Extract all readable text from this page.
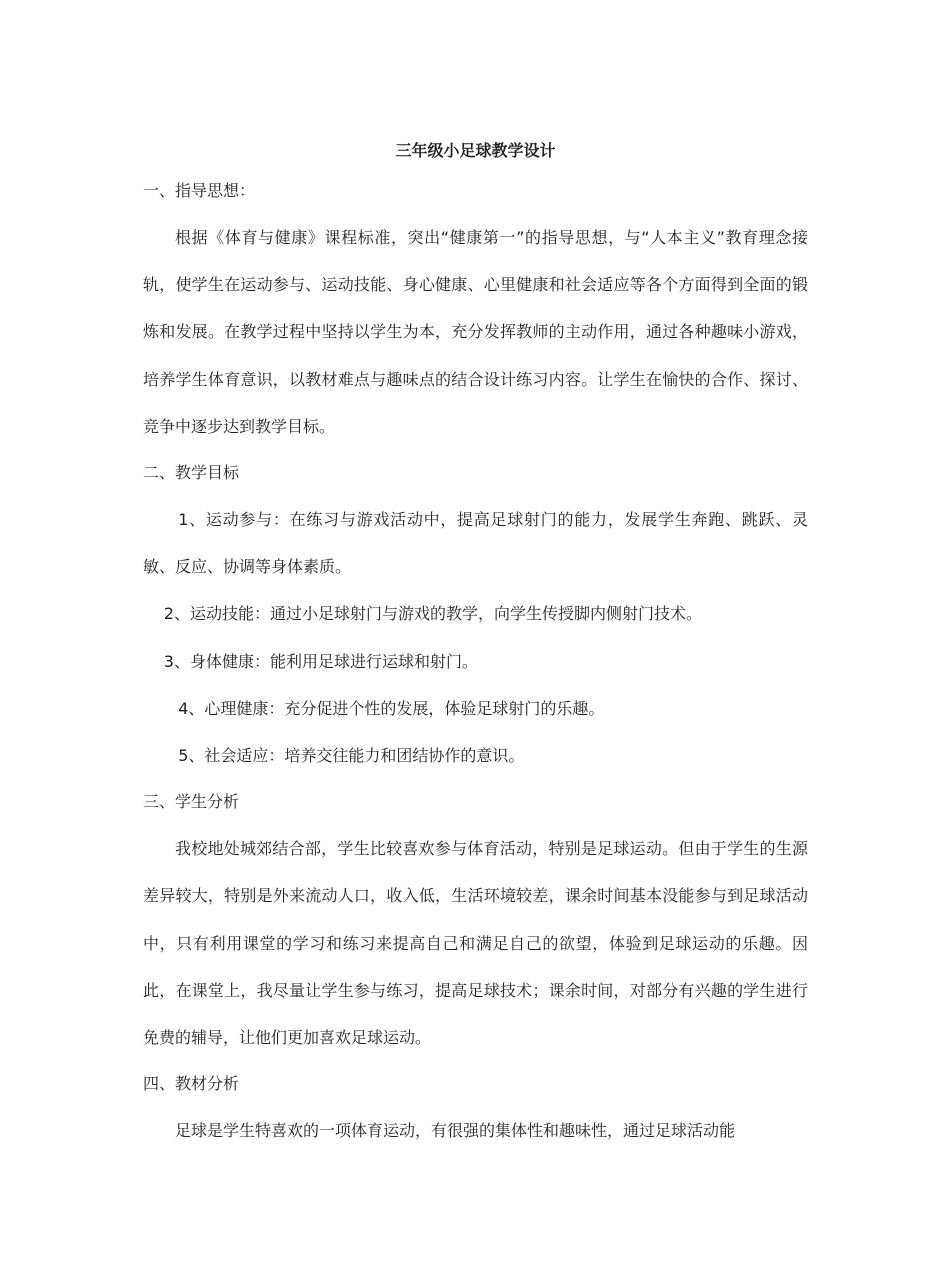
三年级小足球教学设计

一、指导思想：

根据《体育与健康》课程标准，突出“健康第一”的指导思想，与“人本主义”教育理念接轨，使学生在运动参与、运动技能、身心健康、心里健康和社会适应等各个方面得到全面的锻炼和发展。在教学过程中坚持以学生为本，充分发挥教师的主动作用，通过各种趣味小游戏，培养学生体育意识，以教材难点与趣味点的结合设计练习内容。让学生在愉快的合作、探讨、竞争中逐步达到教学目标。

二、教学目标

1、运动参与：在练习与游戏活动中，提高足球射门的能力，发展学生奔跑、跳跃、灵敏、反应、协调等身体素质。

2、运动技能：通过小足球射门与游戏的教学，向学生传授脚内侧射门技术。

3、身体健康：能利用足球进行运球和射门。

4、心理健康：充分促进个性的发展，体验足球射门的乐趣。

5、社会适应：培养交往能力和团结协作的意识。

三、学生分析

我校地处城郊结合部，学生比较喜欢参与体育活动，特别是足球运动。但由于学生的生源差异较大，特别是外来流动人口，收入低，生活环境较差，课余时间基本没能参与到足球活动中，只有利用课堂的学习和练习来提高自己和满足自己的欲望，体验到足球运动的乐趣。因此，在课堂上，我尽量让学生参与练习，提高足球技术；课余时间，对部分有兴趣的学生进行免费的辅导，让他们更加喜欢足球运动。

四、教材分析

足球是学生特喜欢的一项体育运动，有很强的集体性和趣味性，通过足球活动能
